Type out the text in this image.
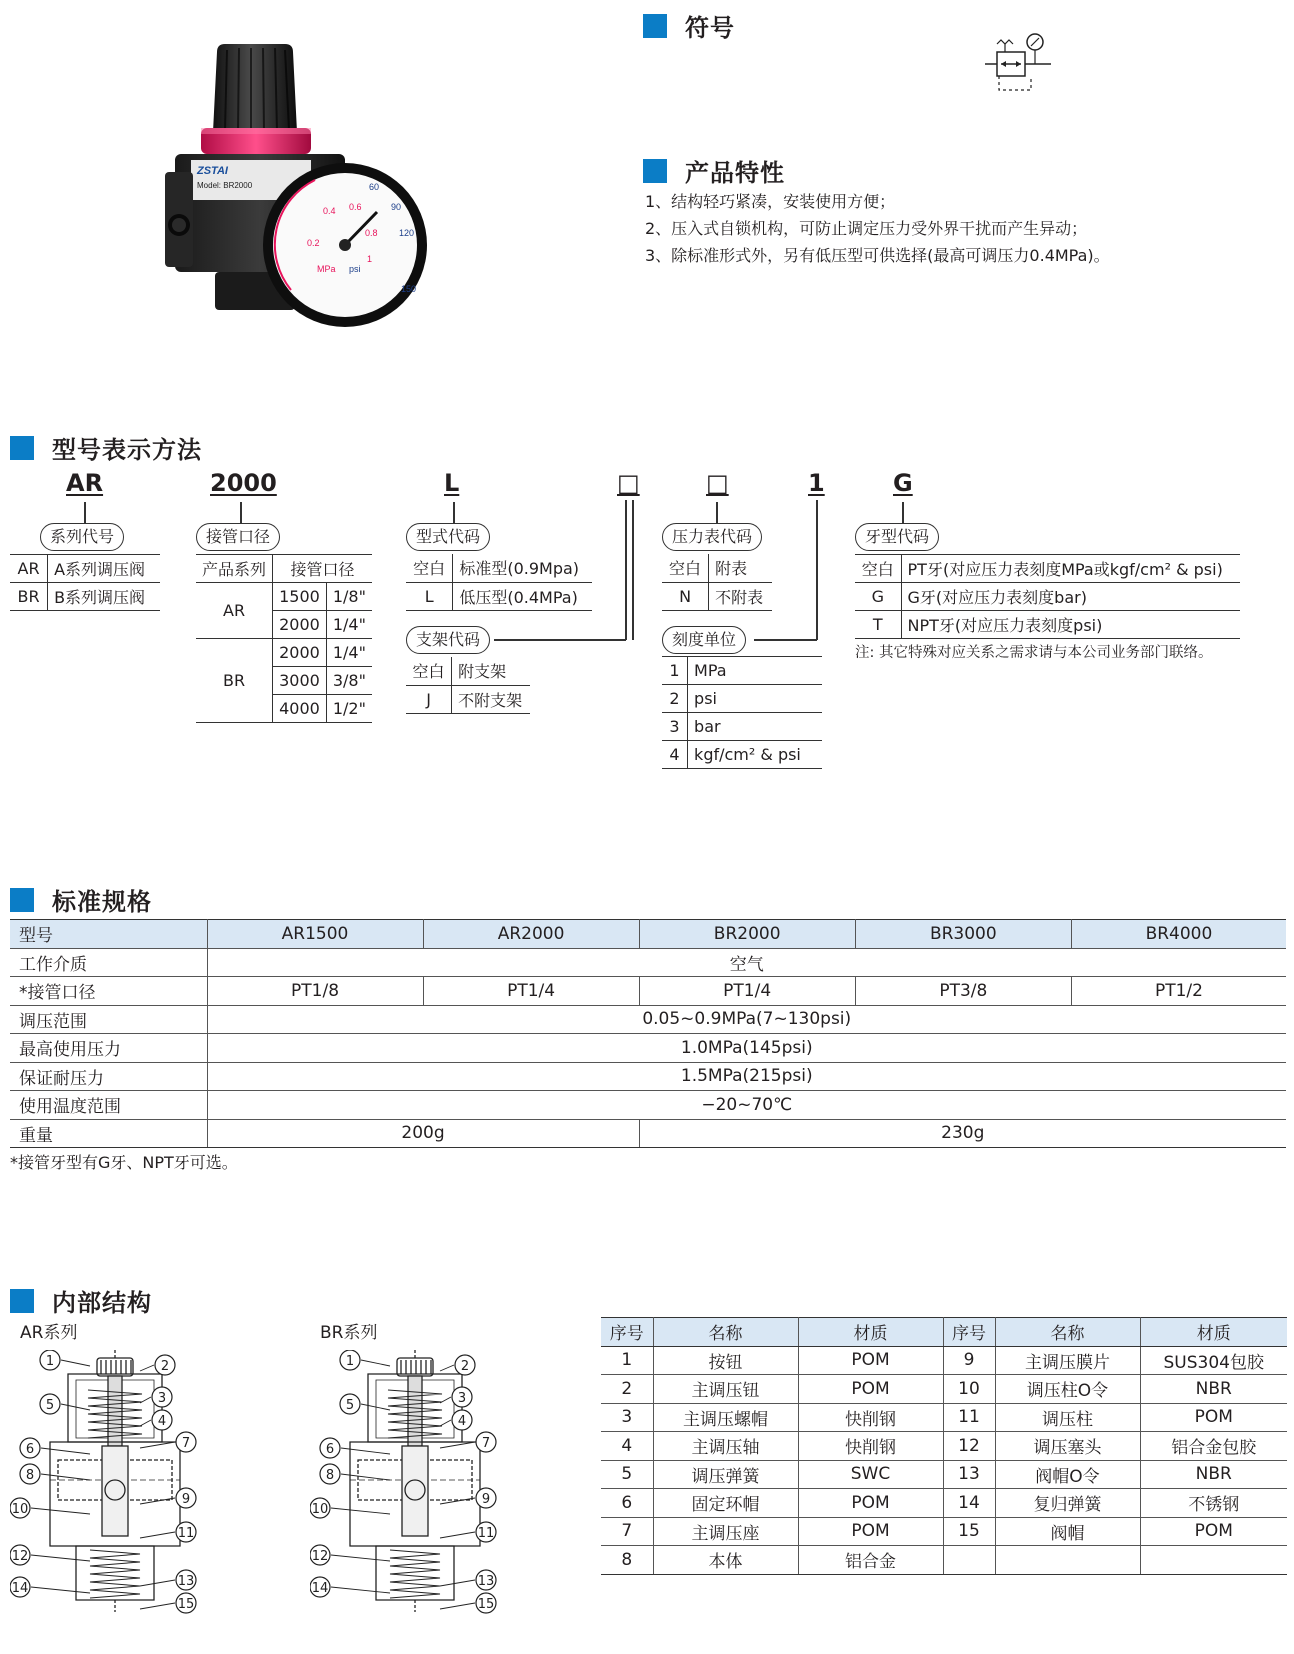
ZSTAI
Model: BR2000
0.2
0.4 0.6
0.8
1
MPa
60
90
120
150
psi
符号
产品特性
1、结构轻巧紧凑，安装使用方便；
2、压入式自锁机构，可防止调定压力受外界干扰而产生异动；
3、除标准形式外，另有低压型可供选择(最高可调压力0.4MPa)。
型号表示方法
AR	2000	L	□	□	1	G
系列代号
AR	A系列调压阀
BR	B系列调压阀
接管口径
产品系列	接管口径	
AR	1500	1/8"
	2000	1/4"
BR	2000	1/4"
	3000	3/8"
	4000	1/2"
型式代码
空白	标准型(0.9Mpa)
L	低压型(0.4MPa)
支架代码
空白	附支架
J	不附支架
压力表代码
空白	附表
N	不附表
刻度单位
1	MPa
2	psi
3	bar
4	kgf/cm² & psi
牙型代码
空白	PT牙(对应压力表刻度MPa或kgf/cm² & psi)
G	G牙(对应压力表刻度bar)
T	NPT牙(对应压力表刻度psi)
注: 其它特殊对应关系之需求请与本公司业务部门联络。
标准规格
型号	AR1500	AR2000	BR2000	BR3000	BR4000
工作介质	空气				
*接管口径	PT1/8	PT1/4	PT1/4	PT3/8	PT1/2
调压范围	0.05~0.9MPa(7~130psi)				
最高使用压力	1.0MPa(145psi)				
保证耐压力	1.5MPa(215psi)				
使用温度范围	−20~70℃				
重量	200g		230g		
*接管牙型有G牙、NPT牙可选。
内部结构
AR系列	BR系列
1	2
3
4
5
6	7
8
9
10
11
12
13
14
15
1	2
3
4
5
6	7
8
9
10
11
12
13
14
15
序号	名称	材质	序号	名称	材质
1	按钮	POM	9	主调压膜片	SUS304包胶
2	主调压钮	POM	10	调压柱O令	NBR
3	主调压螺帽	快削钢	11	调压柱	POM
4	主调压轴	快削钢	12	调压塞头	铝合金包胶
5	调压弹簧	SWC	13	阀帽O令	NBR
6	固定环帽	POM	14	复归弹簧	不锈钢
7	主调压座	POM	15	阀帽	POM
8	本体	铝合金			
